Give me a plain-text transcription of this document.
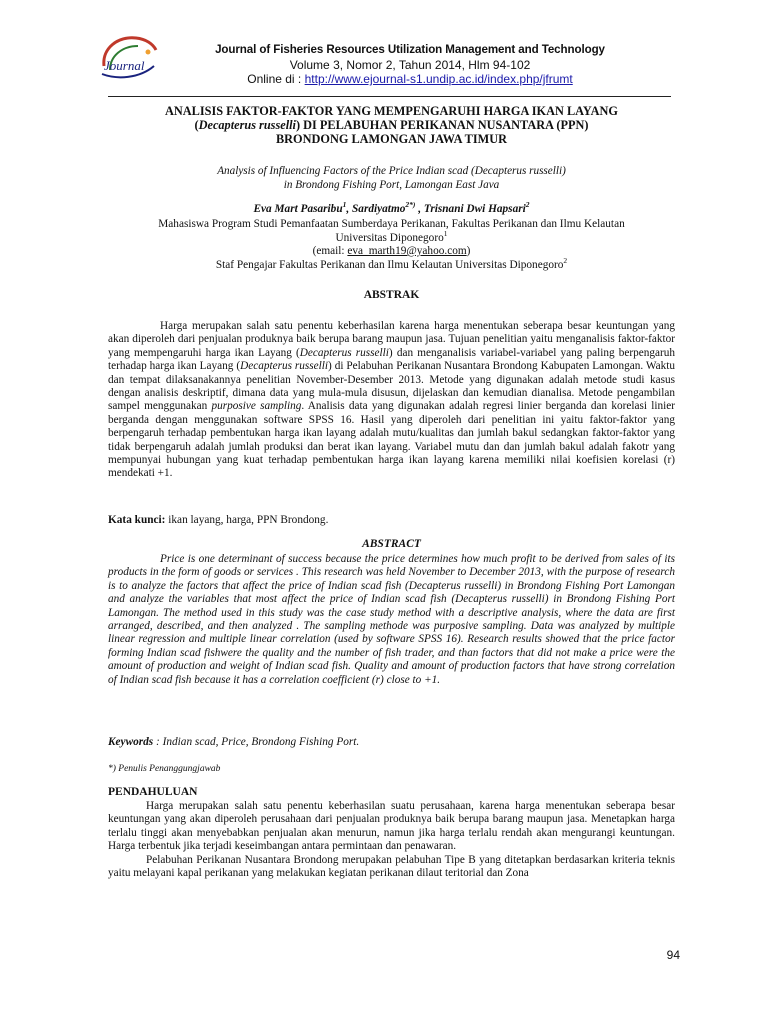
Journal
Journal of Fisheries Resources Utilization Management and Technology
Volume 3, Nomor 2, Tahun 2014, Hlm 94-102
Online di : http://www.ejournal-s1.undip.ac.id/index.php/jfrumt
ANALISIS FAKTOR-FAKTOR YANG MEMPENGARUHI HARGA IKAN LAYANG
(Decapterus russelli) DI PELABUHAN PERIKANAN NUSANTARA (PPN)
BRONDONG LAMONGAN JAWA TIMUR
Analysis of Influencing Factors of the Price Indian scad (Decapterus russelli)
in Brondong Fishing Port, Lamongan East Java
Eva Mart Pasaribu$^1$, Sardiyatmo$^{2*)}$ , Trisnani Dwi Hapsari$^2$
Mahasiswa Program Studi Pemanfaatan Sumberdaya Perikanan, Fakultas Perikanan dan Ilmu Kelautan
Universitas Diponegoro$^1$
(email: eva_marth19@yahoo.com)
Staf Pengajar Fakultas Perikanan dan Ilmu Kelautan Universitas Diponegoro$^2$
ABSTRAK
Harga merupakan salah satu penentu keberhasilan karena harga menentukan seberapa besar keuntungan yang akan diperoleh dari penjualan produknya baik berupa barang maupun jasa. Tujuan penelitian yaitu menganalisis faktor-faktor yang mempengaruhi harga ikan Layang (Decapterus russelli) dan menganalisis variabel-variabel yang paling berpengaruh terhadap harga ikan Layang (Decapterus russelli) di Pelabuhan Perikanan Nusantara Brondong Kabupaten Lamongan. Waktu dan tempat dilaksanakannya penelitian November-Desember 2013. Metode yang digunakan adalah metode studi kasus dengan analisis deskriptif, dimana data yang mula-mula disusun, dijelaskan dan kemudian dianalisa. Metode pengambilan sampel menggunakan purposive sampling. Analisis data yang digunakan adalah regresi linier berganda dan korelasi linier berganda dengan menggunakan software SPSS 16. Hasil yang diperoleh dari penelitian ini yaitu faktor-faktor yang berpengaruh terhadap pembentukan harga ikan layang adalah mutu/kualitas dan jumlah bakul sedangkan faktor-faktor yang tidak berpengaruh adalah jumlah produksi dan berat ikan layang. Variabel mutu dan dan jumlah bakul adalah fakotr yang mempunyai hubungan yang kuat terhadap pembentukan harga ikan layang karena memiliki nilai koefisien korelasi (r) mendekati +1.
Kata kunci: ikan layang, harga, PPN Brondong.
ABSTRACT
Price is one determinant of success because the price determines how much profit to be derived from sales of its products in the form of goods or services . This research was held November to December 2013, with the purpose of research is to analyze the factors that affect the price of Indian scad fish (Decapterus russelli) in Brondong Fishing Port Lamongan and analyze the variables that most affect the price of Indian scad fish (Decapterus russelli) in Brondong Fishing Port Lamongan. The method used in this study was the case study method with a descriptive analysis, where the data are first arranged, described, and then analyzed . The sampling methode was purposive sampling. Data was analyzed by multiple linear regression and multiple linear correlation (used by software SPSS 16). Research results showed that the price factor forming Indian scad fishwere the quality and the number of fish trader, and than factors that did not make a price were the amount of production and weight of Indian scad fish. Quality and amount of production factors that have strong correlation of Indian scad fish because it has a correlation coefficient (r) close to +1.
Keywords : Indian scad, Price, Brondong Fishing Port.
*) Penulis Penanggungjawab
PENDAHULUAN
Harga merupakan salah satu penentu keberhasilan suatu perusahaan, karena harga menentukan seberapa besar keuntungan yang akan diperoleh perusahaan dari penjualan produknya baik berupa barang maupun jasa. Menetapkan harga terlalu tinggi akan menyebabkan penjualan akan menurun, namun jika harga terlalu rendah akan mengurangi keuntungan. Harga terbentuk jika terjadi keseimbangan antara permintaan dan penawaran.
Pelabuhan Perikanan Nusantara Brondong merupakan pelabuhan Tipe B yang ditetapkan berdasarkan kriteria teknis yaitu melayani kapal perikanan yang melakukan kegiatan perikanan dilaut teritorial dan Zona
94
